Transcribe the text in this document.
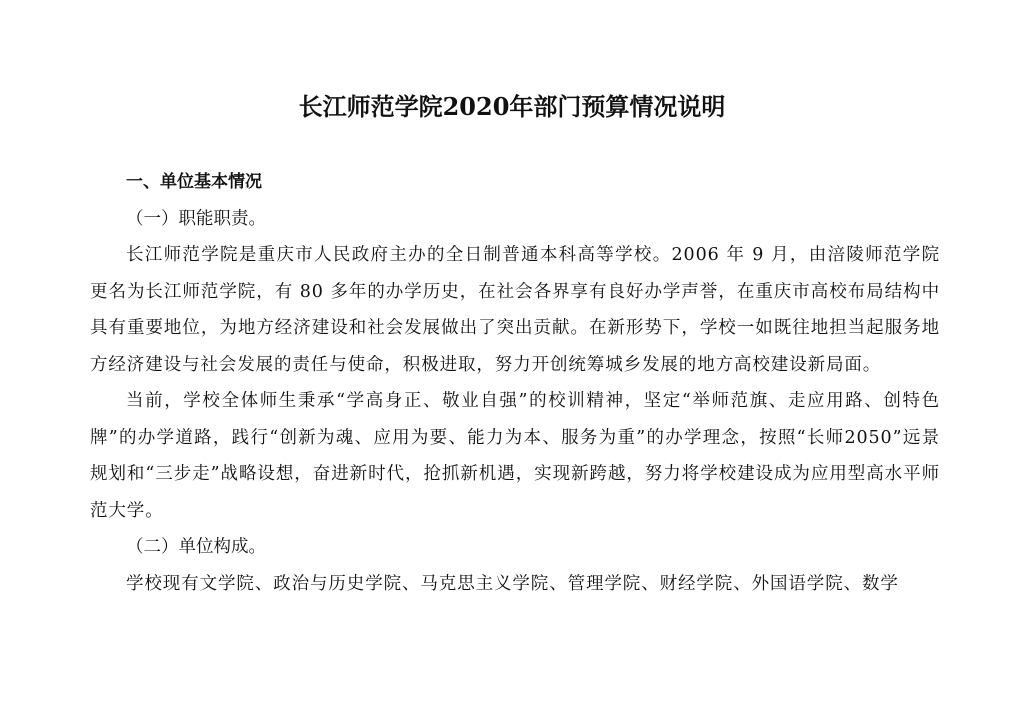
长江师范学院2020年部门预算情况说明

一、单位基本情况

（一）职能职责。

长江师范学院是重庆市人民政府主办的全日制普通本科高等学校。2006 年 9 月，由涪陵师范学院更名为长江师范学院，有 80 多年的办学历史，在社会各界享有良好办学声誉，在重庆市高校布局结构中具有重要地位，为地方经济建设和社会发展做出了突出贡献。在新形势下，学校一如既往地担当起服务地方经济建设与社会发展的责任与使命，积极进取，努力开创统筹城乡发展的地方高校建设新局面。

当前，学校全体师生秉承“学高身正、敬业自强”的校训精神，坚定“举师范旗、走应用路、创特色牌”的办学道路，践行“创新为魂、应用为要、能力为本、服务为重”的办学理念，按照“长师2050”远景规划和“三步走”战略设想，奋进新时代，抢抓新机遇，实现新跨越，努力将学校建设成为应用型高水平师范大学。

（二）单位构成。

学校现有文学院、政治与历史学院、马克思主义学院、管理学院、财经学院、外国语学院、数学
